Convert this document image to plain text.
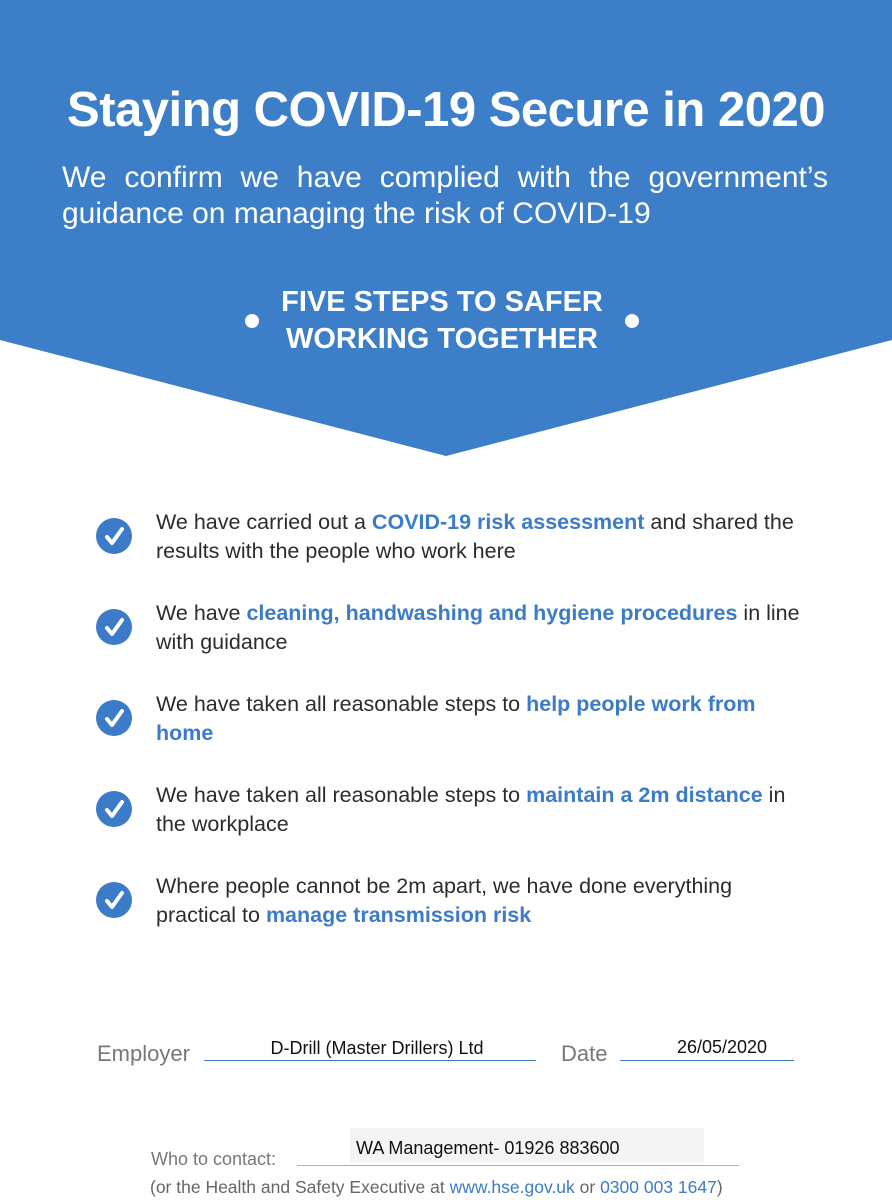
Staying COVID-19 Secure in 2020

We confirm we have complied with the government’s guidance on managing the risk of COVID-19

FIVE STEPS TO SAFER
WORKING TOGETHER
We have carried out a COVID-19 risk assessment and shared the results with the people who work here
We have cleaning, handwashing and hygiene procedures in line with guidance
We have taken all reasonable steps to help people work from home
We have taken all reasonable steps to maintain a 2m distance in the workplace
Where people cannot be 2m apart, we have done everything practical to manage transmission risk
Employer	D-Drill (Master Drillers) Ltd	Date	26/05/2020
Who to contact:
WA Management- 01926 883600
(or the Health and Safety Executive at www.hse.gov.uk or 0300 003 1647)
